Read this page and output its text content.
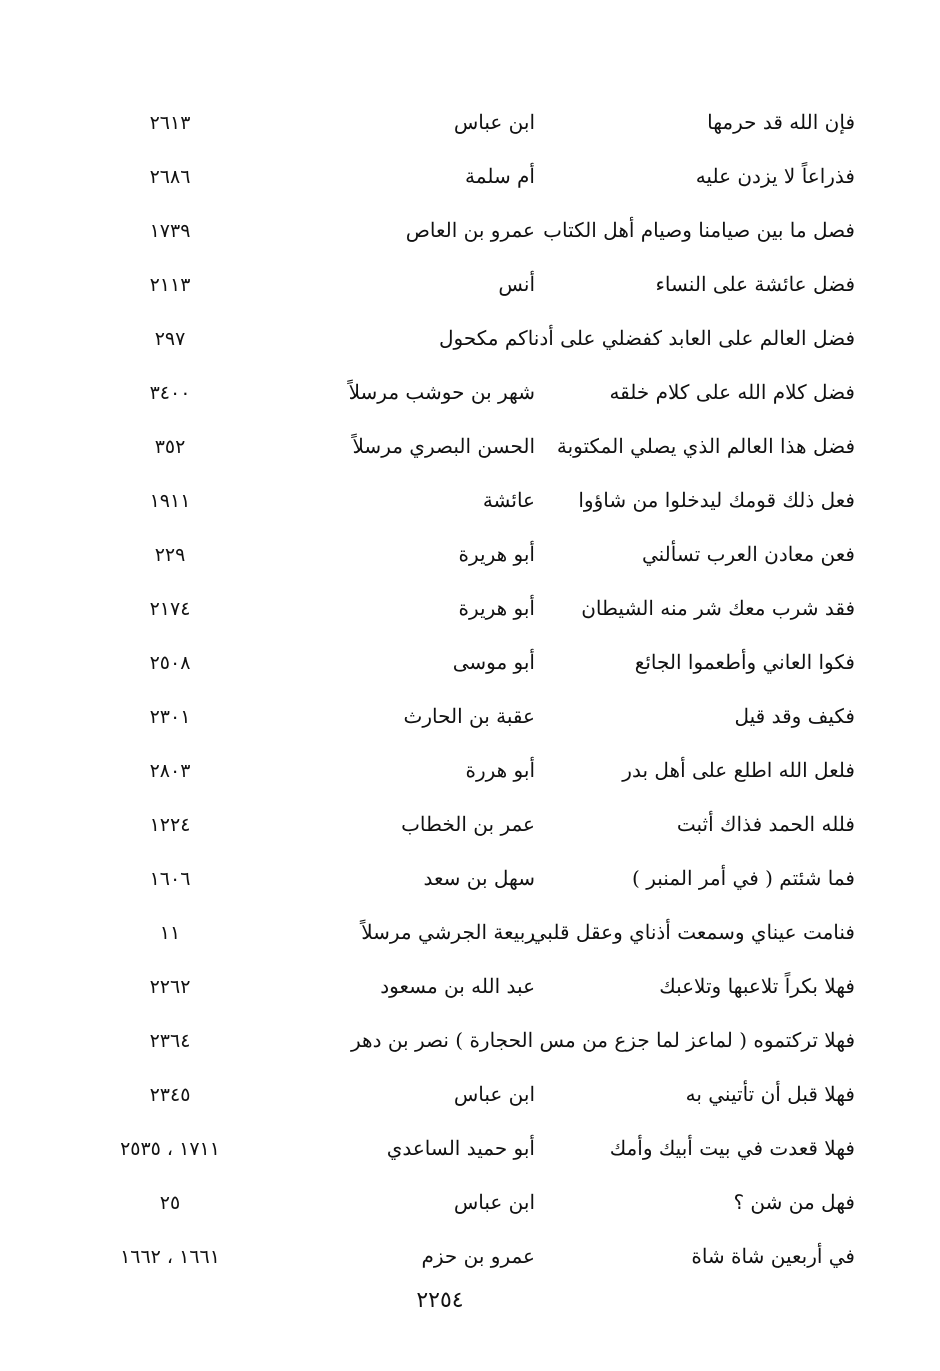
فإن الله قد حرمها
ابن عباس
٢٦١٣
فذراعاً لا يزدن عليه
أم سلمة
٢٦٨٦
فصل ما بين صيامنا وصيام أهل الكتاب
عمرو بن العاص
١٧٣٩
فضل عائشة على النساء
أنس
٢١١٣
فضل العالم على العابد كفضلي على أدناكم مكحول
٢٩٧
فضل كلام الله على كلام خلقه
شهر بن حوشب مرسلاً
٣٤٠٠
فضل هذا العالم الذي يصلي المكتوبة
الحسن البصري مرسلاً
٣٥٢
فعل ذلك قومك ليدخلوا من شاؤوا
عائشة
١٩١١
فعن معادن العرب تسألني
أبو هريرة
٢٢٩
فقد شرب معك شر منه الشيطان
أبو هريرة
٢١٧٤
فكوا العاني وأطعموا الجائع
أبو موسى
٢٥٠٨
فكيف وقد قيل
عقبة بن الحارث
٢٣٠١
فلعل الله اطلع على أهل بدر
أبو هررة
٢٨٠٣
فلله الحمد فذاك أثبت
عمر بن الخطاب
١٢٢٤
فما شئتم ( في أمر المنبر )
سهل بن سعد
١٦٠٦
فنامت عيناي وسمعت أذناي وعقل قلبي
ربيعة الجرشي مرسلاً
١١
فهلا بكراً تلاعبها وتلاعبك
عبد الله بن مسعود
٢٢٦٢
فهلا تركتموه ( لماعز لما جزع من مس الحجارة ) نصر بن دهر
٢٣٦٤
فهلا قبل أن تأتيني به
ابن عباس
٢٣٤٥
فهلا قعدت في بيت أبيك وأمك
أبو حميد الساعدي
١٧١١ ، ٢٥٣٥
فهل من شن ؟
ابن عباس
٢٥
في أربعين شاة شاة
عمرو بن حزم
١٦٦١ ، ١٦٦٢
٢٢٥٤
